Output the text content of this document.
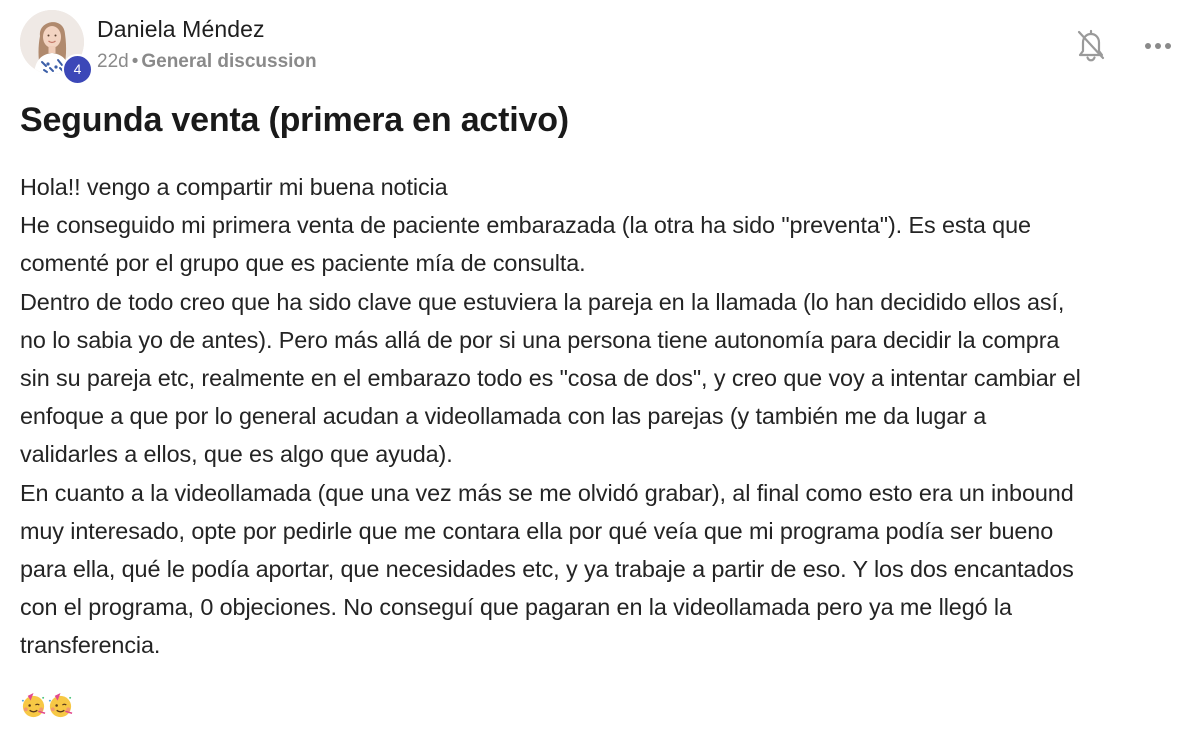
4
Daniela Méndez
22d • General discussion
Segunda venta (primera en activo)
Hola!! vengo a compartir mi buena noticia
He conseguido mi primera venta de paciente embarazada (la otra ha sido "preventa"). Es esta que
comenté por el grupo que es paciente mía de consulta.
Dentro de todo creo que ha sido clave que estuviera la pareja en la llamada (lo han decidido ellos así,
no lo sabia yo de antes). Pero más allá de por si una persona tiene autonomía para decidir la compra
sin su pareja etc, realmente en el embarazo todo es "cosa de dos", y creo que voy a intentar cambiar el
enfoque a que por lo general acudan a videollamada con las parejas (y también me da lugar a
validarles a ellos, que es algo que ayuda).
En cuanto a la videollamada (que una vez más se me olvidó grabar), al final como esto era un inbound
muy interesado, opte por pedirle que me contara ella por qué veía que mi programa podía ser bueno
para ella, qué le podía aportar, que necesidades etc, y ya trabaje a partir de eso. Y los dos encantados
con el programa, 0 objeciones. No conseguí que pagaran en la videollamada pero ya me llegó la
transferencia.
